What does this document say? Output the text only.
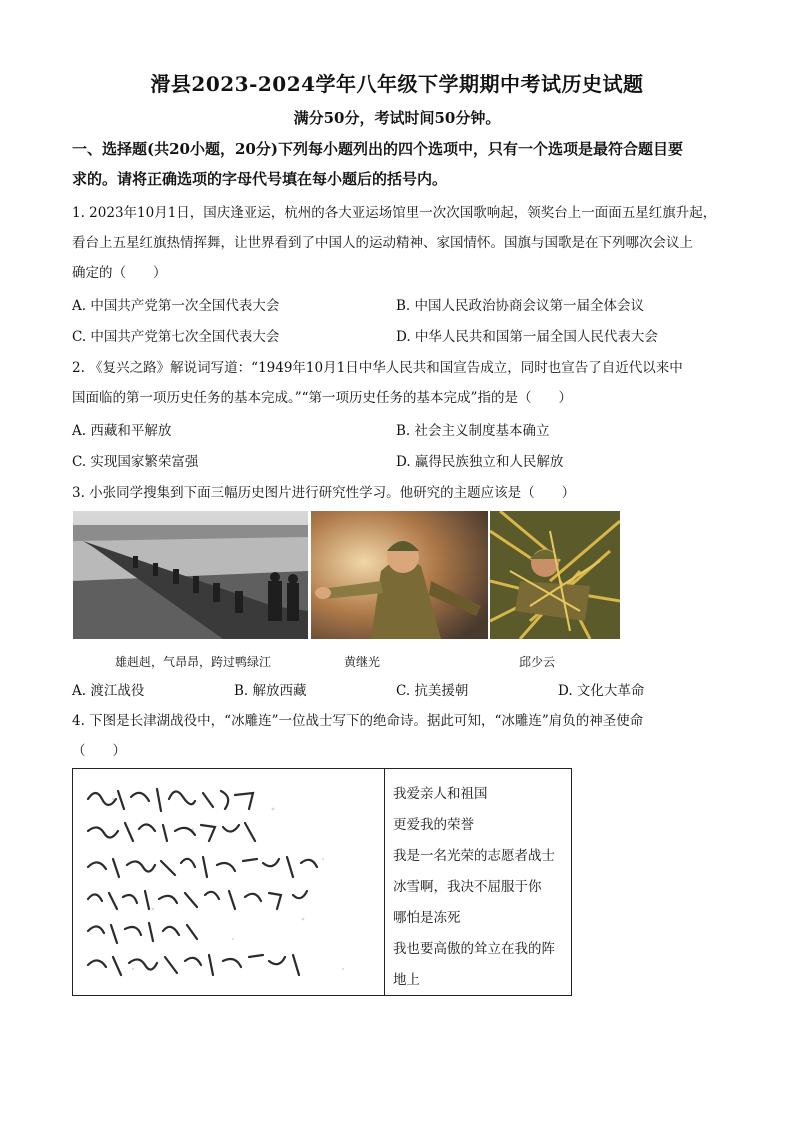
滑县2023-2024学年八年级下学期期中考试历史试题
满分50分，考试时间50分钟。
一、选择题(共20小题，20分)下列每小题列出的四个选项中，只有一个选项是最符合题目要
求的。请将正确选项的字母代号填在每小题后的括号内。
1. 2023年10月1日，国庆逢亚运，杭州的各大亚运场馆里一次次国歌响起，领奖台上一面面五星红旗升起，
看台上五星红旗热情挥舞，让世界看到了中国人的运动精神、家国情怀。国旗与国歌是在下列哪次会议上
确定的（　　）
A. 中国共产党第一次全国代表大会	B. 中国人民政治协商会议第一届全体会议
C. 中国共产党第七次全国代表大会	D. 中华人民共和国第一届全国人民代表大会
2. 《复兴之路》解说词写道：“1949年10月1日中华人民共和国宣告成立，同时也宣告了自近代以来中
国面临的第一项历史任务的基本完成。”“第一项历史任务的基本完成”指的是（　　）
A. 西藏和平解放	B. 社会主义制度基本确立
C. 实现国家繁荣富强	D. 赢得民族独立和人民解放
3. 小张同学搜集到下面三幅历史图片进行研究性学习。他研究的主题应该是（　　）
雄赳赳，气昂昂，跨过鸭绿江	黄继光	邱少云
A. 渡江战役	B. 解放西藏	C. 抗美援朝	D. 文化大革命
4. 下图是长津湖战役中，“冰雕连”一位战士写下的绝命诗。据此可知，“冰雕连”肩负的神圣使命
（　　）
我爱亲人和祖国
更爱我的荣誉
我是一名光荣的志愿者战士
冰雪啊，我决不屈服于你
哪怕是冻死
我也要高傲的耸立在我的阵
地上
